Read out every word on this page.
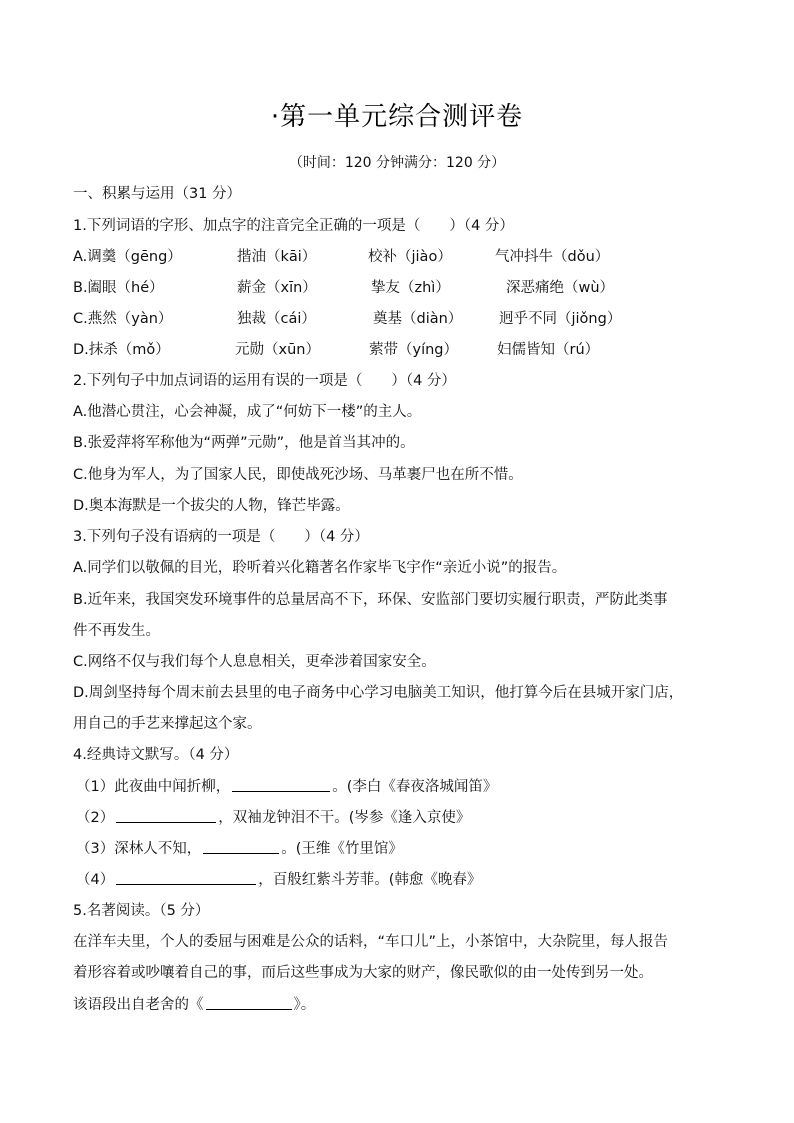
·第一单元综合测评卷
（时间：120 分钟满分：120 分）
一、积累与运用（31 分）
1.下列词语的字形、加点字的注音完全正确的一项是（　　）（4 分）
A.调羹（gēng）	揩油（kāi）	校补（jiào）	气冲抖牛（dǒu）
B.阖眼（hé）	薪金（xīn）	挚友（zhì）	深恶痛绝（wù）
C.燕然（yàn）	独裁（cái）	奠基（diàn）	迥乎不同（jiǒng）
D.抹杀（mǒ）	元勋（xūn）	萦带（yíng）	妇儒皆知（rú）
2.下列句子中加点词语的运用有误的一项是（　　）（4 分）
A.他潜心贯注，心会神凝，成了“何妨下一楼”的主人。
B.张爱萍将军称他为“两弹”元勋”，他是首当其冲的。
C.他身为军人，为了国家人民，即使战死沙场、马革裹尸也在所不惜。
D.奥本海默是一个拔尖的人物，锋芒毕露。
3.下列句子没有语病的一项是（　　）（4 分）
A.同学们以敬佩的目光，聆听着兴化籍著名作家毕飞宇作“亲近小说”的报告。
B.近年来，我国突发环境事件的总量居高不下，环保、安监部门要切实履行职责，严防此类事
件不再发生。
C.网络不仅与我们每个人息息相关，更牵涉着国家安全。
D.周剑坚持每个周末前去县里的电子商务中心学习电脑美工知识，他打算今后在县城开家门店，
用自己的手艺来撑起这个家。
4.经典诗文默写。（4 分）
（1）此夜曲中闻折柳，	。(李白《春夜洛城闻笛》
（2）	，双袖龙钟泪不干。(岑参《逢入京使》
（3）深林人不知，	。(王维《竹里馆》
（4）	，百般红紫斗芳菲。(韩愈《晚春》
5.名著阅读。（5 分）
在洋车夫里，个人的委屈与困难是公众的话料，“车口儿”上，小茶馆中，大杂院里，每人报告
着形容着或吵嚷着自己的事，而后这些事成为大家的财产，像民歌似的由一处传到另一处。
该语段出自老舍的《	》。
